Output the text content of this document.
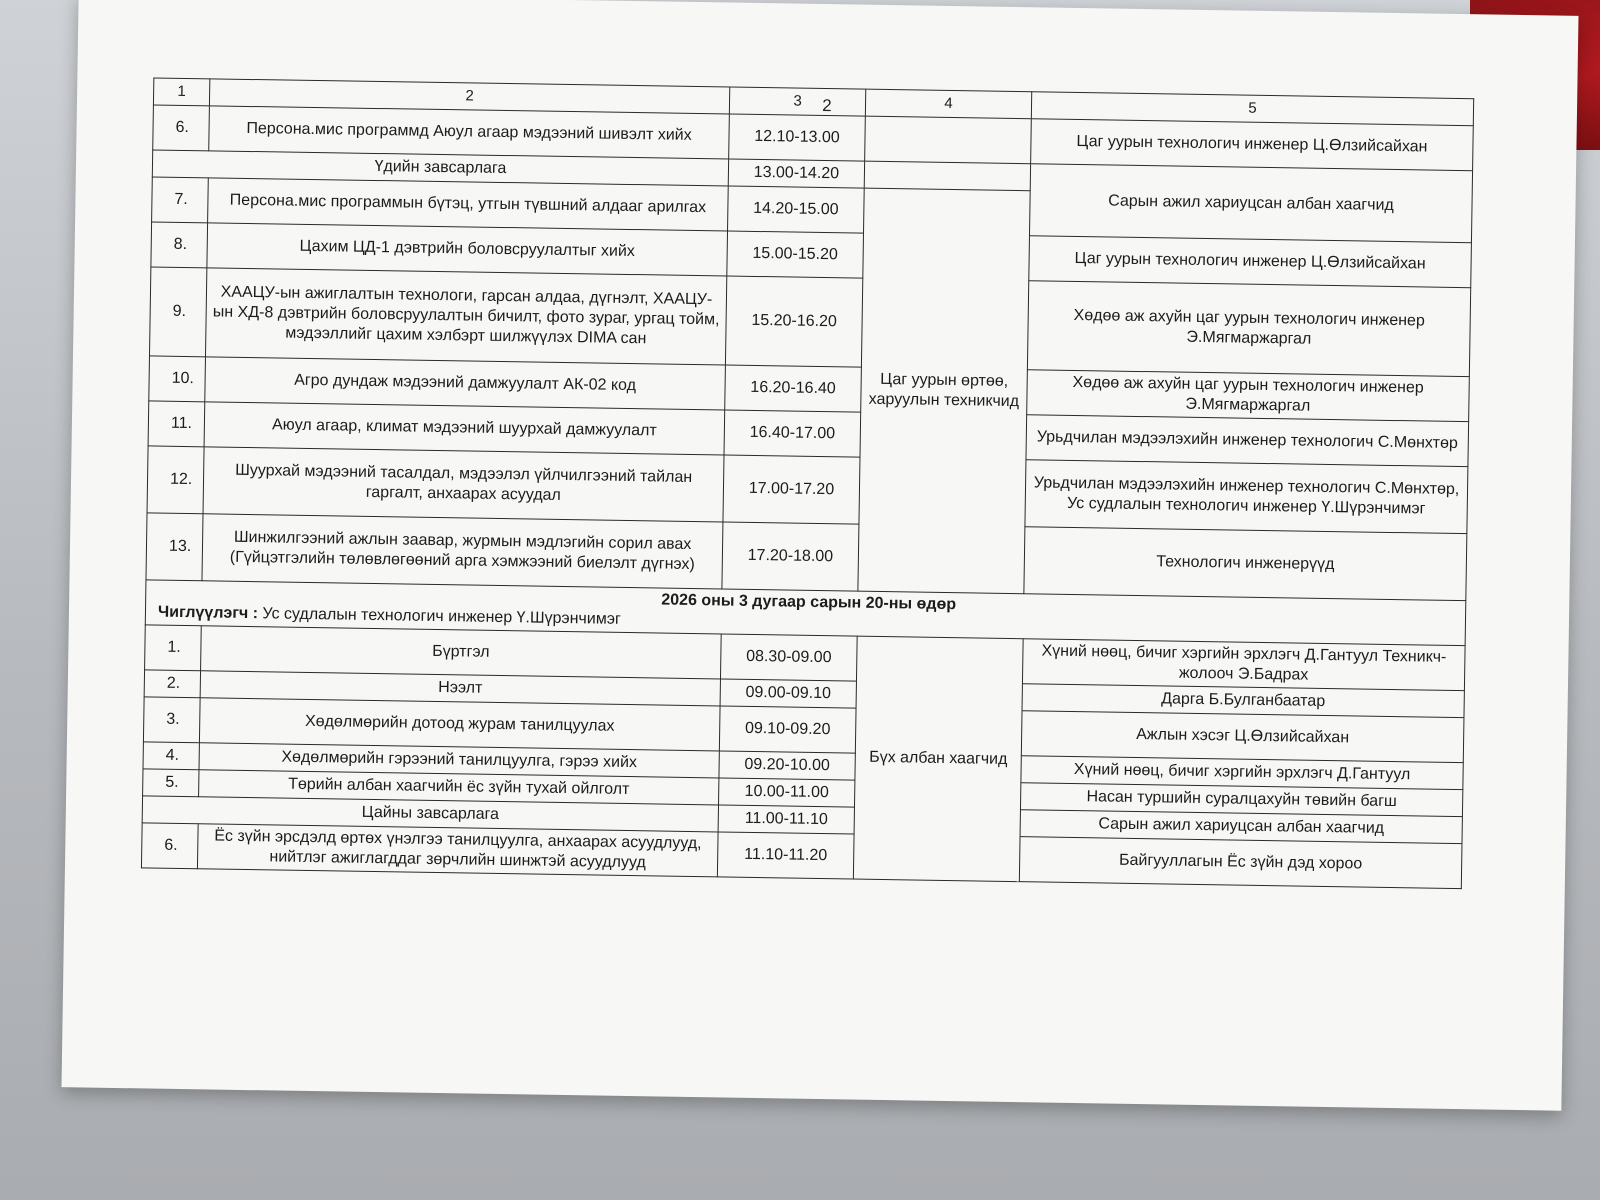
2
1	2	3	4	5
6.	Персона.мис программд Аюул агаар мэдээний шивэлт хийх	12.10-13.00		Цаг уурын технологич инженер Ц.Өлзийсайхан
Үдийн завсарлага		13.00-14.20		Сарын ажил хариуцсан албан хаагчид
7.	Персона.мис программын бүтэц, утгын түвшний алдааг арилгах	14.20-15.00	Цаг уурын өртөө, харуулын техникчид	
8.	Цахим ЦД-1 дэвтрийн боловсруулалтыг хийх	15.00-15.20		Цаг уурын технологич инженер Ц.Өлзийсайхан
9.	ХААЦУ-ын ажиглалтын технологи, гарсан алдаа, дүгнэлт, ХААЦУ-ын ХД-8 дэвтрийн боловсруулалтын бичилт, фото зураг, ургац тойм, мэдээллийг цахим хэлбэрт шилжүүлэх DIMA сан	15.20-16.20		Хөдөө аж ахуйн цаг уурын технологич инженер Э.Мягмаржаргал
10.	Агро дундаж мэдээний дамжуулалт АК-02 код	16.20-16.40		Хөдөө аж ахуйн цаг уурын технологич инженер Э.Мягмаржаргал
11.	Аюул агаар, климат мэдээний шуурхай дамжуулалт	16.40-17.00		Урьдчилан мэдээлэхийн инженер технологич С.Мөнхтөр
12.	Шуурхай мэдээний тасалдал, мэдээлэл үйлчилгээний тайлан гаргалт, анхаарах асуудал	17.00-17.20		Урьдчилан мэдээлэхийн инженер технологич С.Мөнхтөр, Ус судлалын технологич инженер Ү.Шүрэнчимэг
13.	Шинжилгээний ажлын заавар, журмын мэдлэгийн сорил авах (Гүйцэтгэлийн төлөвлөгөөний арга хэмжээний биелэлт дүгнэх)	17.20-18.00		Технологич инженерүүд

2026 оны 3 дугаар сарын 20-ны өдөр
Чиглүүлэгч : Ус судлалын технологич инженер Ү.Шүрэнчимэг				

1.	Бүртгэл	08.30-09.00	Бүх албан хаагчид	Хүний нөөц, бичиг хэргийн эрхлэгч Д.Гантуул Техникч-жолооч Э.Бадрах
2.	Нээлт	09.00-09.10		Дарга Б.Булганбаатар
3.	Хөдөлмөрийн дотоод журам танилцуулах	09.10-09.20		Ажлын хэсэг Ц.Өлзийсайхан
4.	Хөдөлмөрийн гэрээний танилцуулга, гэрээ хийх	09.20-10.00		Хүний нөөц, бичиг хэргийн эрхлэгч Д.Гантуул
5.	Төрийн албан хаагчийн ёс зүйн тухай ойлголт	10.00-11.00		Насан туршийн суралцахуйн төвийн багш
Цайны завсарлага		11.00-11.10		Сарын ажил хариуцсан албан хаагчид
6.	Ёс зүйн эрсдэлд өртөх үнэлгээ танилцуулга, анхаарах асуудлууд, нийтлэг ажиглагддаг зөрчлийн шинжтэй асуудлууд	11.10-11.20		Байгууллагын Ёс зүйн дэд хороо
